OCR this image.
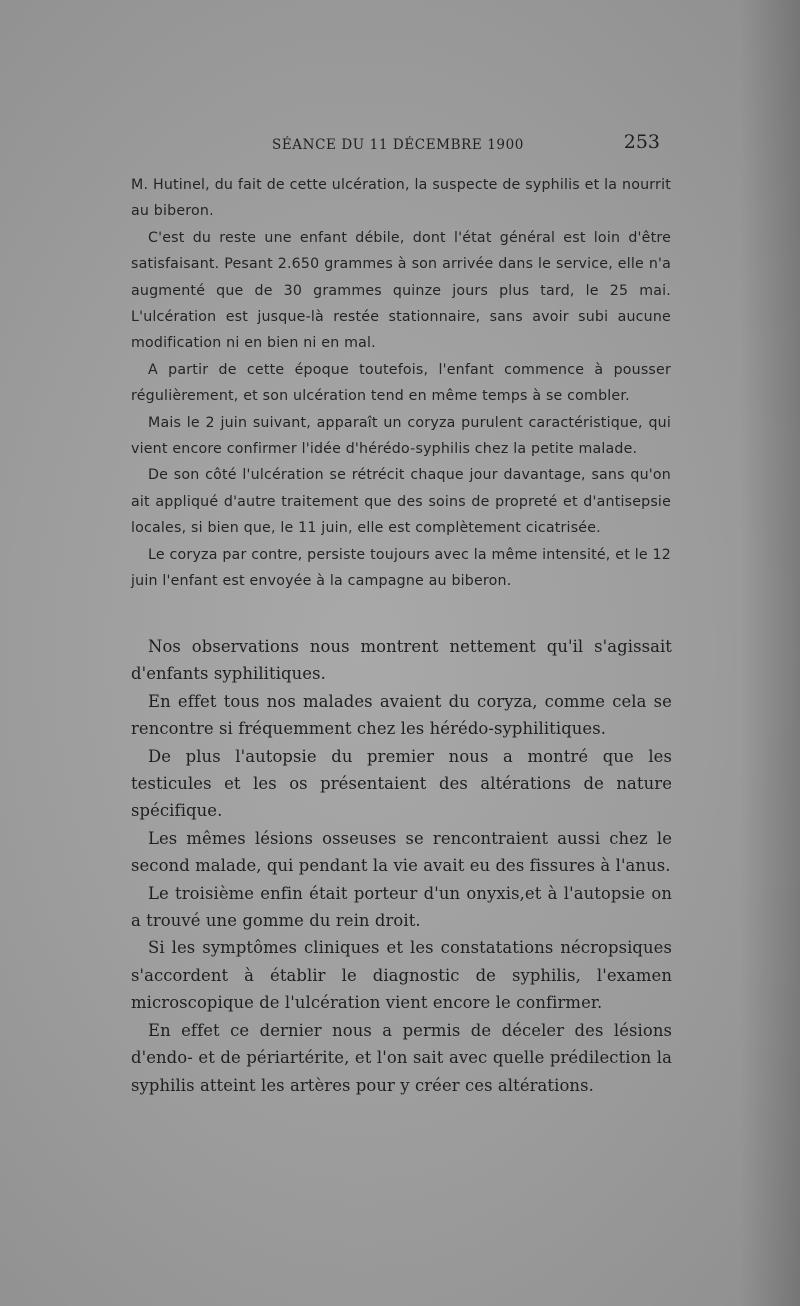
SÉANCE DU 11 DÉCEMBRE 1900	253

M. Hutinel, du fait de cette ulcération, la suspecte de syphilis et la nourrit au biberon.

C'est du reste une enfant débile, dont l'état général est loin d'être satisfaisant. Pesant 2.650 grammes à son arrivée dans le service, elle n'a augmenté que de 30 grammes quinze jours plus tard, le 25 mai. L'ulcération est jusque-là restée stationnaire, sans avoir subi aucune modification ni en bien ni en mal.

A partir de cette époque toutefois, l'enfant commence à pousser régulièrement, et son ulcération tend en même temps à se combler.

Mais le 2 juin suivant, apparaît un coryza purulent caractéristique, qui vient encore confirmer l'idée d'hérédo-syphilis chez la petite malade.

De son côté l'ulcération se rétrécit chaque jour davantage, sans qu'on ait appliqué d'autre traitement que des soins de propreté et d'antisepsie locales, si bien que, le 11 juin, elle est complètement cicatrisée.

Le coryza par contre, persiste toujours avec la même intensité, et le 12 juin l'enfant est envoyée à la campagne au biberon.

Nos observations nous montrent nettement qu'il s'agissait d'enfants syphilitiques.

En effet tous nos malades avaient du coryza, comme cela se rencontre si fréquemment chez les hérédo-syphilitiques.

De plus l'autopsie du premier nous a montré que les testicules et les os présentaient des altérations de nature spécifique.

Les mêmes lésions osseuses se rencontraient aussi chez le second malade, qui pendant la vie avait eu des fissures à l'anus.

Le troisième enfin était porteur d'un onyxis,et à l'autopsie on a trouvé une gomme du rein droit.

Si les symptômes cliniques et les constatations nécropsiques s'accordent à établir le diagnostic de syphilis, l'examen microscopique de l'ulcération vient encore le confirmer.

En effet ce dernier nous a permis de déceler des lésions d'endo- et de périartérite, et l'on sait avec quelle prédilection la syphilis atteint les artères pour y créer ces altérations.
